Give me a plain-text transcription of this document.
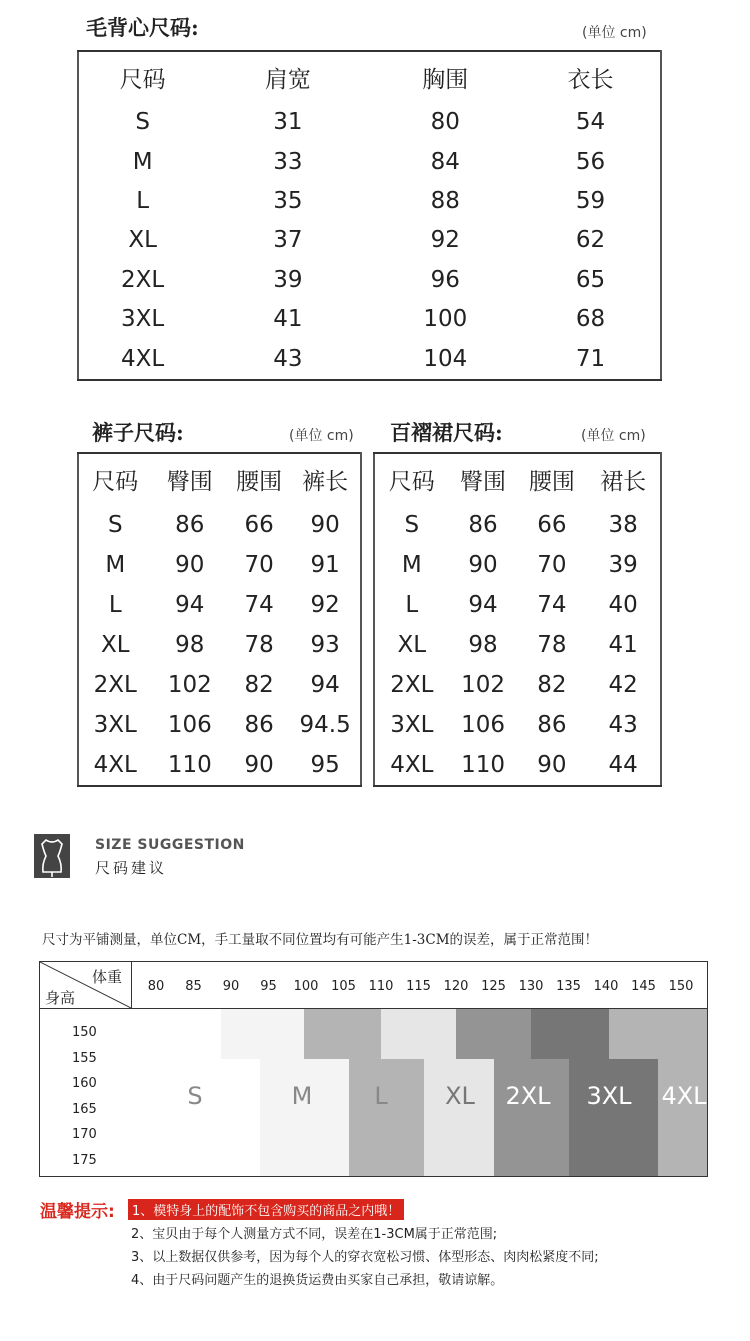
毛背心尺码:	(单位 cm)
尺码	肩宽	胸围	衣长
S	31	80	54
M	33	84	56
L	35	88	59
XL	37	92	62
2XL	39	96	65
3XL	41	100	68
4XL	43	104	71
裤子尺码:	(单位 cm)
尺码	臀围	腰围	裤长
S	86	66	90
M	90	70	91
L	94	74	92
XL	98	78	93
2XL	102	82	94
3XL	106	86	94.5
4XL	110	90	95
百褶裙尺码:	(单位 cm)
尺码	臀围	腰围	裙长
S	86	66	38
M	90	70	39
L	94	74	40
XL	98	78	41
2XL	102	82	42
3XL	106	86	43
4XL	110	90	44
SIZE SUGGESTION
尺码建议
尺寸为平铺测量，单位CM，手工量取不同位置均有可能产生1-3CM的误差，属于正常范围！
体重
身高
80 85 90 95 100 105 110 115 120 125 130 135 140 145 150
150
155
160
165
170
175
S	M	L XL 2XL 3XL 4XL
温馨提示:	1、模特身上的配饰不包含购买的商品之内哦！
2、宝贝由于每个人测量方式不同，误差在1-3CM属于正常范围;
3、以上数据仅供参考，因为每个人的穿衣宽松习惯、体型形态、肉肉松紧度不同;
4、由于尺码问题产生的退换货运费由买家自己承担，敬请谅解。
